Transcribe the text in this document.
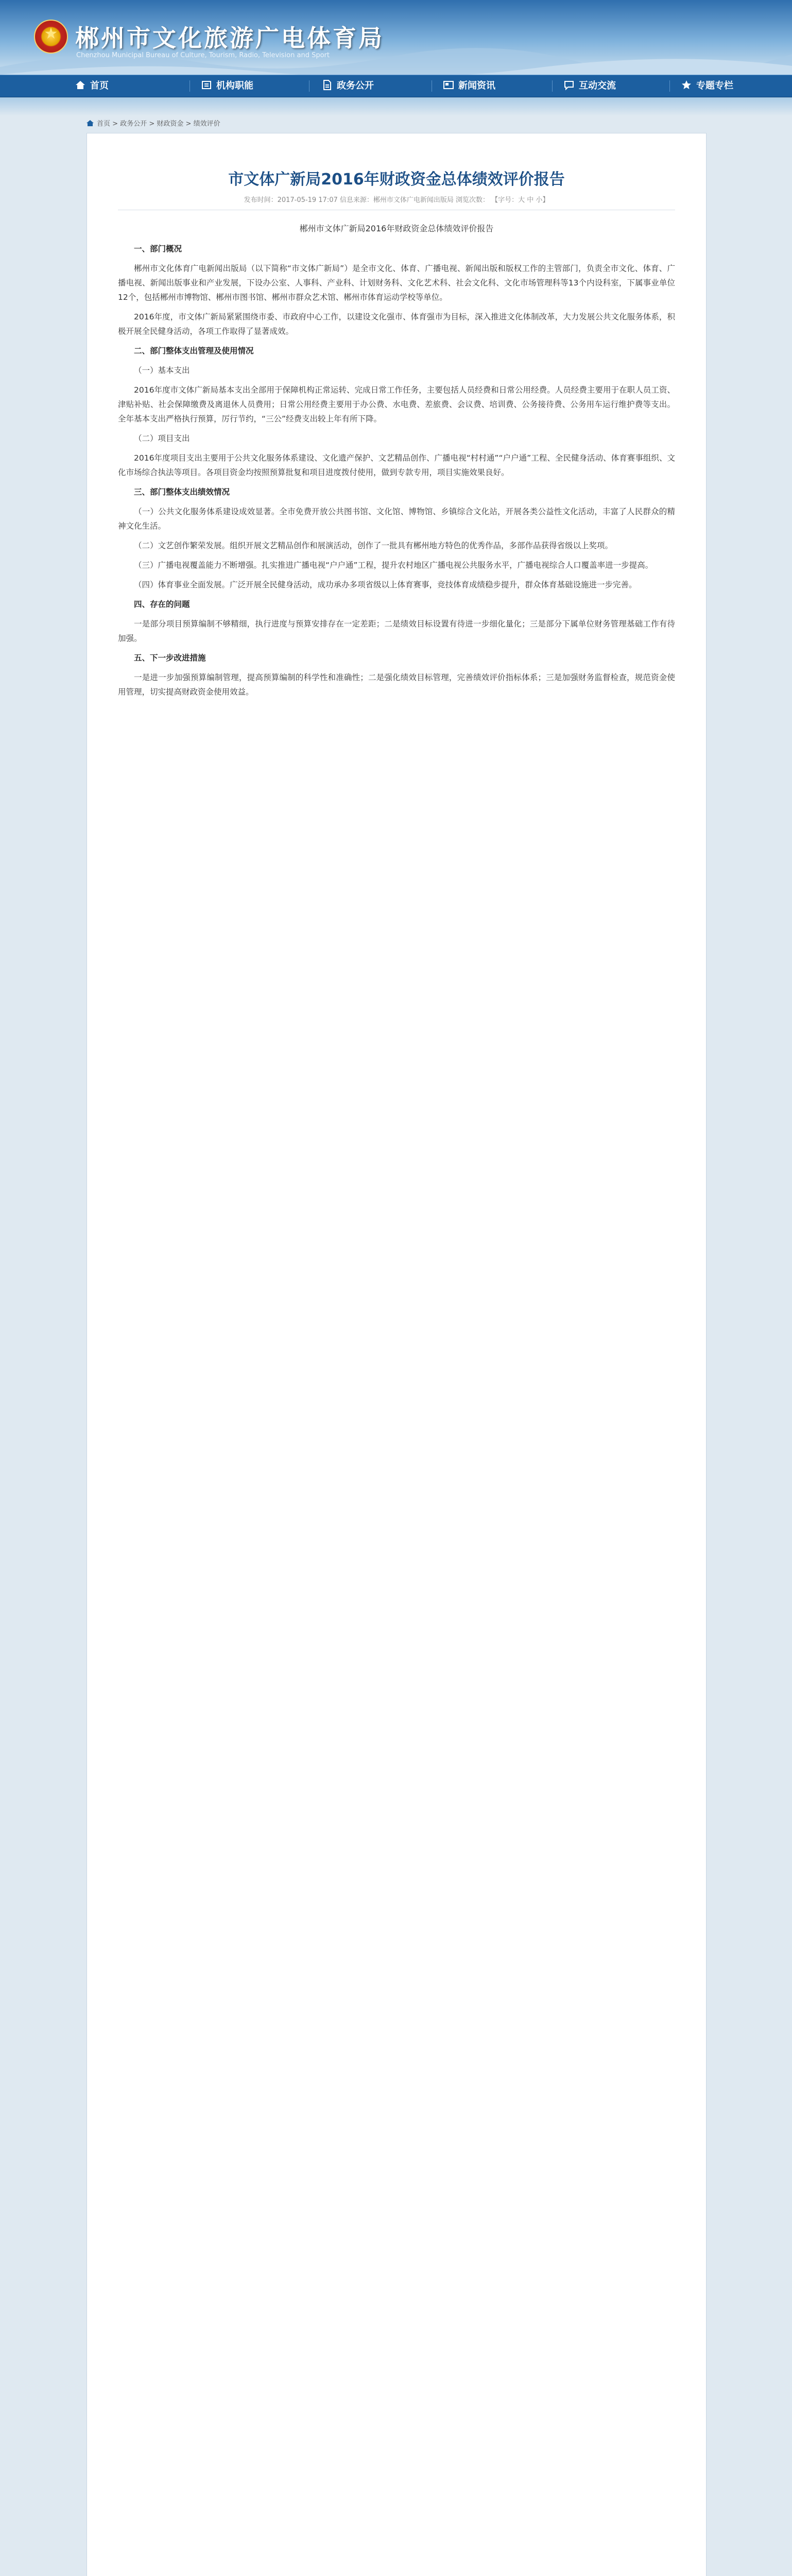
★
郴州市文化旅游广电体育局
Chenzhou Municipal Bureau of Culture, Tourism, Radio, Television and Sport
首页	机构职能	政务公开	新闻资讯	互动交流	专题专栏
首页 > 政务公开 > 财政资金 > 绩效评价
市文体广新局2016年财政资金总体绩效评价报告
发布时间：2017-05-19 17:07 信息来源：郴州市文体广电新闻出版局 浏览次数： 【字号：大 中 小】
郴州市文体广新局2016年财政资金总体绩效评价报告

一、部门概况

郴州市文化体育广电新闻出版局（以下简称“市文体广新局”）是全市文化、体育、广播电视、新闻出版和版权工作的主管部门，负责全市文化、体育、广播电视、新闻出版事业和产业发展，下设办公室、人事科、产业科、计划财务科、文化艺术科、社会文化科、文化市场管理科等13个内设科室，下属事业单位12个，包括郴州市博物馆、郴州市图书馆、郴州市群众艺术馆、郴州市体育运动学校等单位。

2016年度，市文体广新局紧紧围绕市委、市政府中心工作，以建设文化强市、体育强市为目标，深入推进文化体制改革，大力发展公共文化服务体系，积极开展全民健身活动，各项工作取得了显著成效。

二、部门整体支出管理及使用情况

（一）基本支出

2016年度市文体广新局基本支出全部用于保障机构正常运转、完成日常工作任务，主要包括人员经费和日常公用经费。人员经费主要用于在职人员工资、津贴补贴、社会保障缴费及离退休人员费用；日常公用经费主要用于办公费、水电费、差旅费、会议费、培训费、公务接待费、公务用车运行维护费等支出。全年基本支出严格执行预算，厉行节约，“三公”经费支出较上年有所下降。

（二）项目支出

2016年度项目支出主要用于公共文化服务体系建设、文化遗产保护、文艺精品创作、广播电视“村村通”“户户通”工程、全民健身活动、体育赛事组织、文化市场综合执法等项目。各项目资金均按照预算批复和项目进度拨付使用，做到专款专用，项目实施效果良好。

三、部门整体支出绩效情况

（一）公共文化服务体系建设成效显著。全市免费开放公共图书馆、文化馆、博物馆、乡镇综合文化站，开展各类公益性文化活动，丰富了人民群众的精神文化生活。

（二）文艺创作繁荣发展。组织开展文艺精品创作和展演活动，创作了一批具有郴州地方特色的优秀作品，多部作品获得省级以上奖项。

（三）广播电视覆盖能力不断增强。扎实推进广播电视“户户通”工程，提升农村地区广播电视公共服务水平，广播电视综合人口覆盖率进一步提高。

（四）体育事业全面发展。广泛开展全民健身活动，成功承办多项省级以上体育赛事，竞技体育成绩稳步提升，群众体育基础设施进一步完善。

四、存在的问题

一是部分项目预算编制不够精细，执行进度与预算安排存在一定差距；二是绩效目标设置有待进一步细化量化；三是部分下属单位财务管理基础工作有待加强。

五、下一步改进措施

一是进一步加强预算编制管理，提高预算编制的科学性和准确性；二是强化绩效目标管理，完善绩效评价指标体系；三是加强财务监督检查，规范资金使用管理，切实提高财政资金使用效益。
